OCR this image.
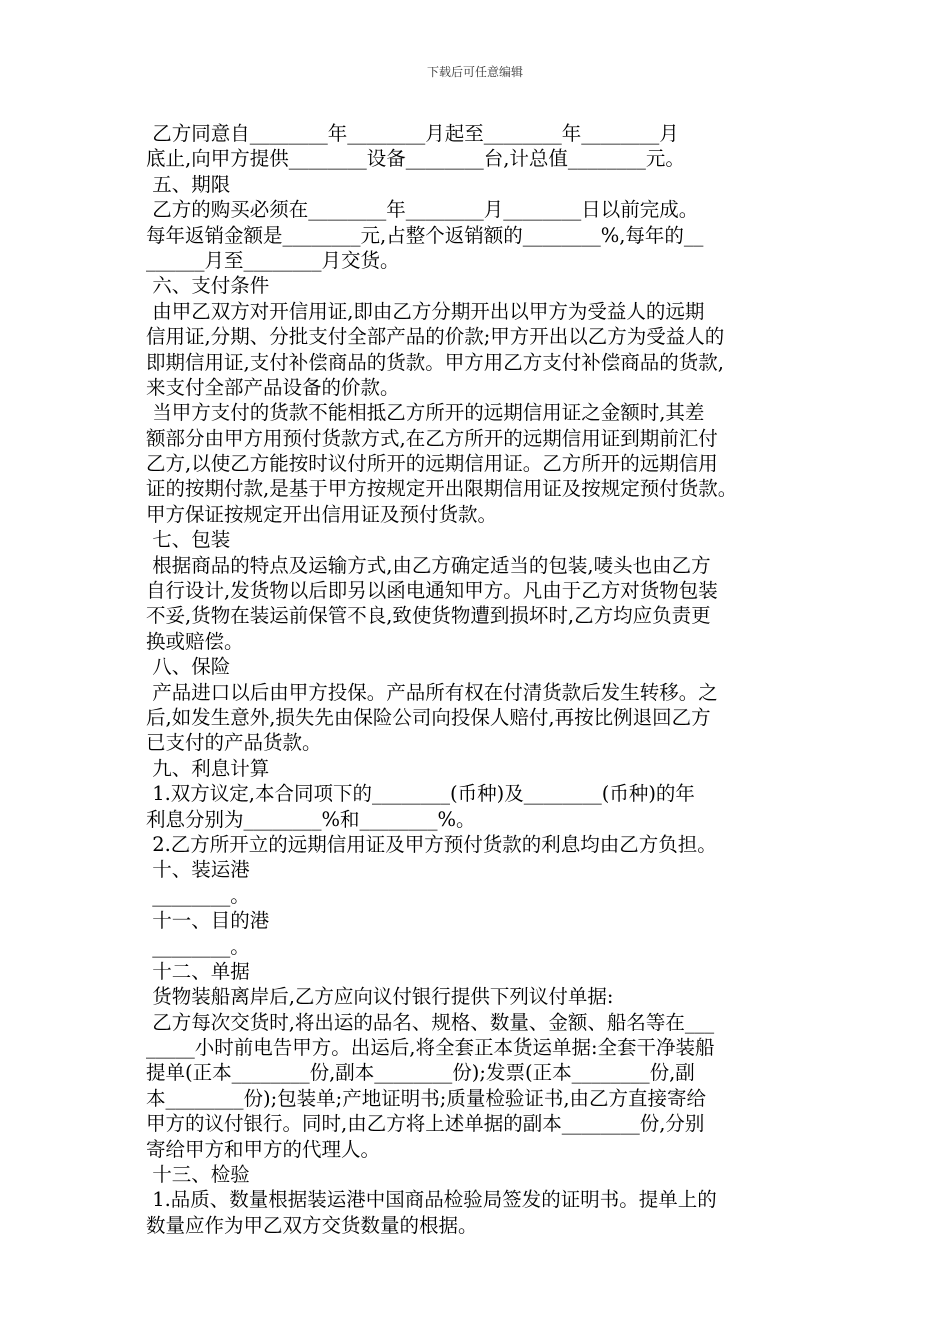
下载后可任意编辑
乙方同意自________年________月起至________年________月
底止,向甲方提供________设备________台,计总值________元。
五、期限
乙方的购买必须在________年________月________日以前完成。
每年返销金额是________元,占整个返销额的________%,每年的__
______月至________月交货。
六、支付条件
由甲乙双方对开信用证,即由乙方分期开出以甲方为受益人的远期
信用证,分期、分批支付全部产品的价款;甲方开出以乙方为受益人的
即期信用证,支付补偿商品的货款。甲方用乙方支付补偿商品的货款,
来支付全部产品设备的价款。
当甲方支付的货款不能相抵乙方所开的远期信用证之金额时,其差
额部分由甲方用预付货款方式,在乙方所开的远期信用证到期前汇付
乙方,以使乙方能按时议付所开的远期信用证。乙方所开的远期信用
证的按期付款,是基于甲方按规定开出限期信用证及按规定预付货款。
甲方保证按规定开出信用证及预付货款。
七、包装
根据商品的特点及运输方式,由乙方确定适当的包装,唛头也由乙方
自行设计,发货物以后即另以函电通知甲方。凡由于乙方对货物包装
不妥,货物在装运前保管不良,致使货物遭到损坏时,乙方均应负责更
换或赔偿。
八、保险
产品进口以后由甲方投保。产品所有权在付清货款后发生转移。之
后,如发生意外,损失先由保险公司向投保人赔付,再按比例退回乙方
已支付的产品货款。
九、利息计算
1.双方议定,本合同项下的________(币种)及________(币种)的年
利息分别为________%和________%。
2.乙方所开立的远期信用证及甲方预付货款的利息均由乙方负担。
十、装运港
________。
十一、目的港
________。
十二、单据
货物装船离岸后,乙方应向议付银行提供下列议付单据:
乙方每次交货时,将出运的品名、规格、数量、金额、船名等在___
_____小时前电告甲方。出运后,将全套正本货运单据:全套干净装船
提单(正本________份,副本________份);发票(正本________份,副
本________份);包装单;产地证明书;质量检验证书,由乙方直接寄给
甲方的议付银行。同时,由乙方将上述单据的副本________份,分别
寄给甲方和甲方的代理人。
十三、检验
1.品质、数量根据装运港中国商品检验局签发的证明书。提单上的
数量应作为甲乙双方交货数量的根据。
